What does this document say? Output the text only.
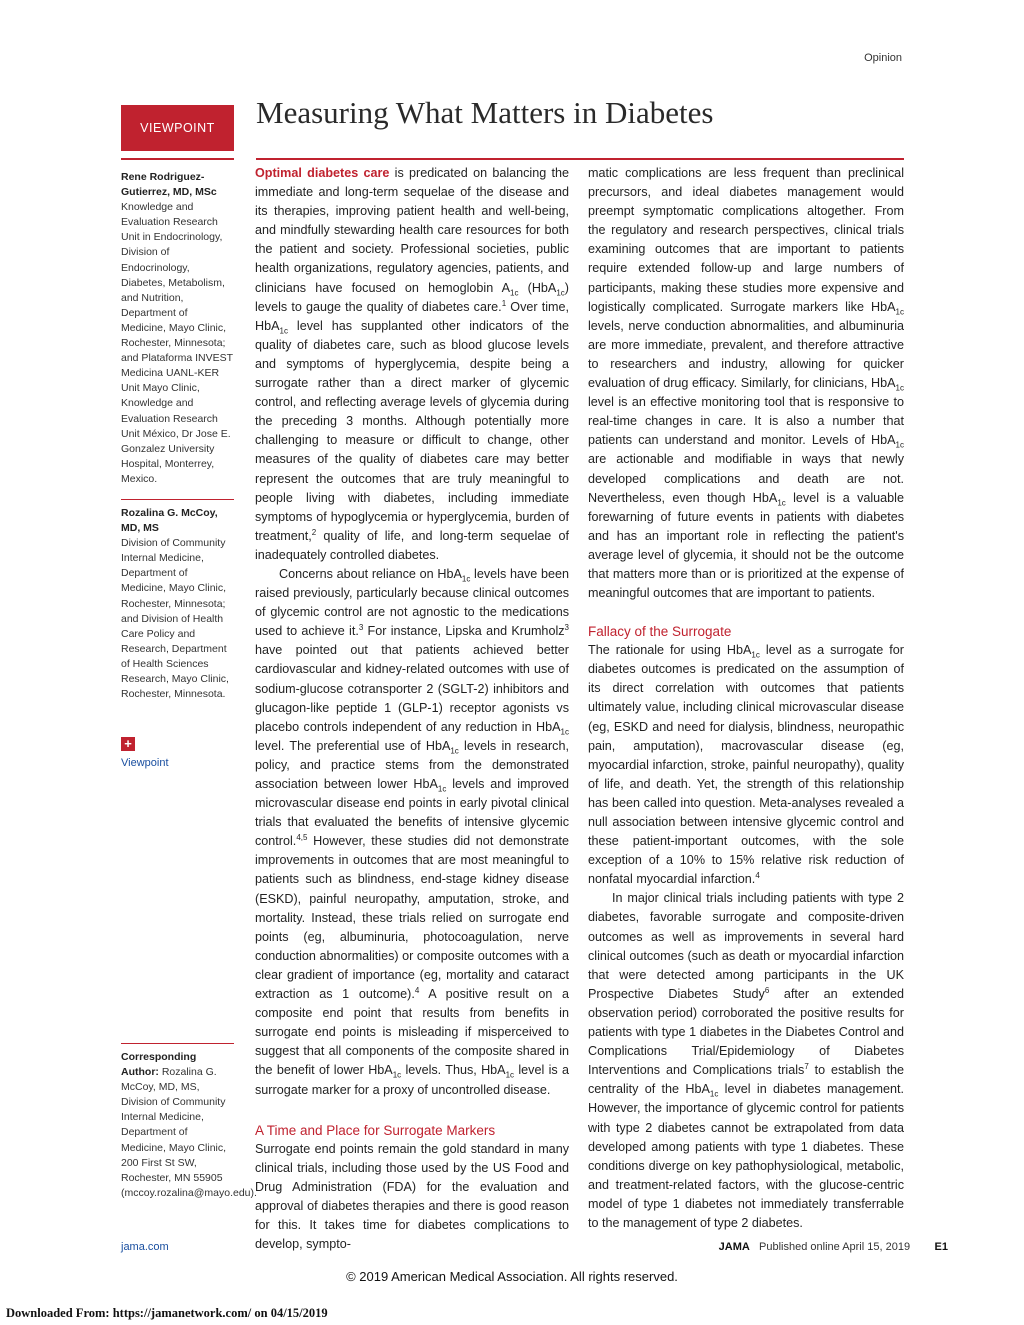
Opinion
VIEWPOINT	Measuring What Matters in Diabetes
Rene Rodriguez-Gutierrez, MD, MSc
Knowledge and Evaluation Research Unit in Endocrinology, Division of Endocrinology, Diabetes, Metabolism, and Nutrition, Department of Medicine, Mayo Clinic, Rochester, Minnesota; and Plataforma INVEST Medicina UANL-KER Unit Mayo Clinic, Knowledge and Evaluation Research Unit México, Dr Jose E. Gonzalez University Hospital, Monterrey, Mexico.
Rozalina G. McCoy, MD, MS
Division of Community Internal Medicine, Department of Medicine, Mayo Clinic, Rochester, Minnesota; and Division of Health Care Policy and Research, Department of Health Sciences Research, Mayo Clinic, Rochester, Minnesota.
+
Viewpoint
Corresponding
Author: Rozalina G. McCoy, MD, MS, Division of Community Internal Medicine, Department of Medicine, Mayo Clinic, 200 First St SW, Rochester, MN 55905 (mccoy.rozalina@mayo.edu).

Optimal diabetes care is predicated on balancing the immediate and long-term sequelae of the disease and its therapies, improving patient health and well-being, and mindfully stewarding health care resources for both the patient and society. Professional societies, public health organizations, regulatory agencies, patients, and clinicians have focused on hemoglobin $A_{1c}$ (HbA$_{1c}$) levels to gauge the quality of diabetes care.$^1$ Over time, HbA$_{1c}$ level has supplanted other indicators of the quality of diabetes care, such as blood glucose levels and symptoms of hyperglycemia, despite being a surrogate rather than a direct marker of glycemic control, and reflecting average levels of glycemia during the preceding 3 months. Although potentially more challenging to measure or difficult to change, other measures of the quality of diabetes care may better represent the outcomes that are truly meaningful to people living with diabetes, including immediate symptoms of hypoglycemia or hyperglycemia, burden of treatment,$^2$ quality of life, and long-term sequelae of inadequately controlled diabetes.

Concerns about reliance on HbA$_{1c}$ levels have been raised previously, particularly because clinical outcomes of glycemic control are not agnostic to the medications used to achieve it.$^3$ For instance, Lipska and Krumholz$^3$ have pointed out that patients achieved better cardiovascular and kidney-related outcomes with use of sodium-glucose cotransporter 2 (SGLT-2) inhibitors and glucagon-like peptide 1 (GLP-1) receptor agonists vs placebo controls independent of any reduction in HbA$_{1c}$ level. The preferential use of HbA$_{1c}$ levels in research, policy, and practice stems from the demonstrated association between lower HbA$_{1c}$ levels and improved microvascular disease end points in early pivotal clinical trials that evaluated the benefits of intensive glycemic control.$^{4,5}$ However, these studies did not demonstrate improvements in outcomes that are most meaningful to patients such as blindness, end-stage kidney disease (ESKD), painful neuropathy, amputation, stroke, and mortality. Instead, these trials relied on surrogate end points (eg, albuminuria, photocoagulation, nerve conduction abnormalities) or composite outcomes with a clear gradient of importance (eg, mortality and cataract extraction as 1 outcome).$^4$ A positive result on a composite end point that results from benefits in surrogate end points is misleading if misperceived to suggest that all components of the composite shared in the benefit of lower HbA$_{1c}$ levels. Thus, HbA$_{1c}$ level is a surrogate marker for a proxy of uncontrolled disease.

A Time and Place for Surrogate Markers

Surrogate end points remain the gold standard in many clinical trials, including those used by the US Food and Drug Administration (FDA) for the evaluation and approval of diabetes therapies and there is good reason for this. It takes time for diabetes complications to develop, sympto-

matic complications are less frequent than preclinical precursors, and ideal diabetes management would preempt symptomatic complications altogether. From the regulatory and research perspectives, clinical trials examining outcomes that are important to patients require extended follow-up and large numbers of participants, making these studies more expensive and logistically complicated. Surrogate markers like HbA$_{1c}$ levels, nerve conduction abnormalities, and albuminuria are more immediate, prevalent, and therefore attractive to researchers and industry, allowing for quicker evaluation of drug efficacy. Similarly, for clinicians, HbA$_{1c}$ level is an effective monitoring tool that is responsive to real-time changes in care. It is also a number that patients can understand and monitor. Levels of HbA$_{1c}$ are actionable and modifiable in ways that newly developed complications and death are not. Nevertheless, even though HbA$_{1c}$ level is a valuable forewarning of future events in patients with diabetes and has an important role in reflecting the patient's average level of glycemia, it should not be the outcome that matters more than or is prioritized at the expense of meaningful outcomes that are important to patients.

Fallacy of the Surrogate

The rationale for using HbA$_{1c}$ level as a surrogate for diabetes outcomes is predicated on the assumption of its direct correlation with outcomes that patients ultimately value, including clinical microvascular disease (eg, ESKD and need for dialysis, blindness, neuropathic pain, amputation), macrovascular disease (eg, myocardial infarction, stroke, painful neuropathy), quality of life, and death. Yet, the strength of this relationship has been called into question. Meta-analyses revealed a null association between intensive glycemic control and these patient-important outcomes, with the sole exception of a 10% to 15% relative risk reduction of nonfatal myocardial infarction.$^4$

In major clinical trials including patients with type 2 diabetes, favorable surrogate and composite-driven outcomes as well as improvements in several hard clinical outcomes (such as death or myocardial infarction that were detected among participants in the UK Prospective Diabetes Study$^6$ after an extended observation period) corroborated the positive results for patients with type 1 diabetes in the Diabetes Control and Complications Trial/Epidemiology of Diabetes Interventions and Complications trials$^7$ to establish the centrality of the HbA$_{1c}$ level in diabetes management. However, the importance of glycemic control for patients with type 2 diabetes cannot be extrapolated from data developed among patients with type 1 diabetes. These conditions diverge on key pathophysiological, metabolic, and treatment-related factors, with the glucose-centric model of type 1 diabetes not immediately transferrable to the management of type 2 diabetes.

jama.com	JAMA Published online April 15, 2019 E1
© 2019 American Medical Association. All rights reserved.
Downloaded From: https://jamanetwork.com/ on 04/15/2019
